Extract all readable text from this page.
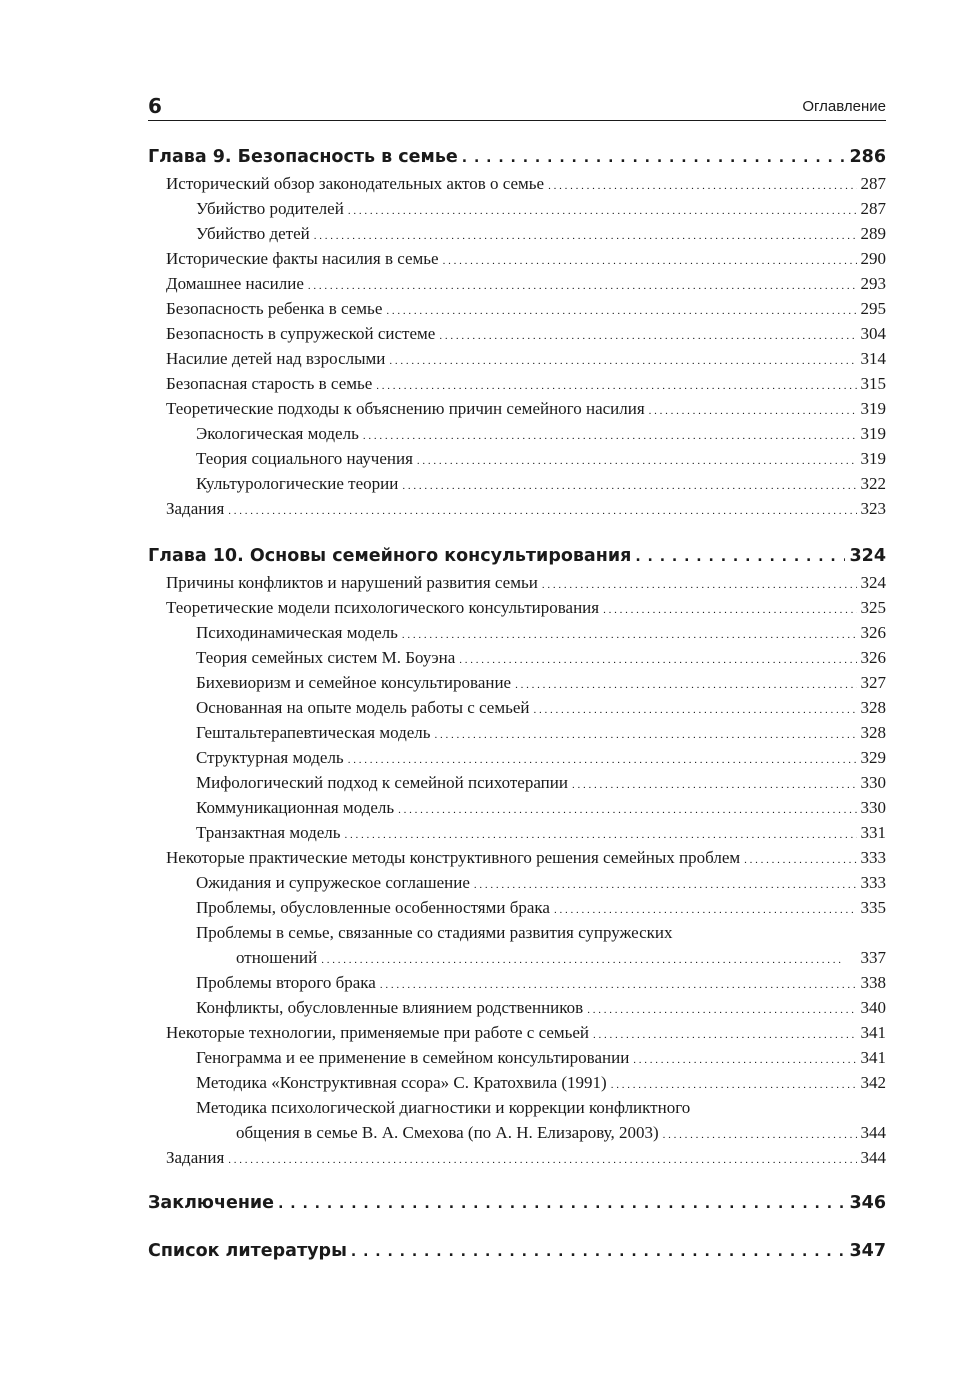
6	Оглавление
Глава 9. Безопасность в семье . . .	286
Исторический обзор законодательных актов о семье . . .	287
Убийство родителей . . .	287
Убийство детей . . .	289
Исторические факты насилия в семье . . .	290
Домашнее насилие . . .	293
Безопасность ребенка в семье . . .	295
Безопасность в супружеской системе . . .	304
Насилие детей над взрослыми . . .	314
Безопасная старость в семье . . .	315
Теоретические подходы к объяснению причин семейного насилия . . .	319
Экологическая модель . . .	319
Теория социального научения . . .	319
Культурологические теории . . .	322
Задания . . .	323
Глава 10. Основы семейного консультирования . . .	324
Причины конфликтов и нарушений развития семьи . . .	324
Теоретические модели психологического консультирования . . .	325
Психодинамическая модель . . .	326
Теория семейных систем М. Боуэна . . .	326
Бихевиоризм и семейное консультирование . . .	327
Основанная на опыте модель работы с семьей . . .	328
Гештальтерапевтическая модель . . .	328
Структурная модель . . .	329
Мифологический подход к семейной психотерапии . . .	330
Коммуникационная модель . . .	330
Трaнзактная модель . . .	331
Некоторые практические методы конструктивного решения семейных проблем . . .	333
Ожидания и супружеское соглашение . . .	333
Проблемы, обусловленные особенностями брака . . .	335
Проблемы в семье, связанные со стадиями развития супружеских
отношений . . .	337
Проблемы второго брака . . .	338
Конфликты, обусловленные влиянием родственников . . .	340
Некоторые технологии, применяемые при работе с семьей . . .	341
Генограмма и ее применение в семейном консультировании . . .	341
Методика «Конструктивная ссора» С. Кратохвила (1991) . . .	342
Методика психологической диагностики и коррекции конфликтного
общения в семье В. А. Смехова (по А. Н. Елизарову, 2003) . . .	344
Задания . . .	344
Заключение . . .	346
Список литературы . . .	347
